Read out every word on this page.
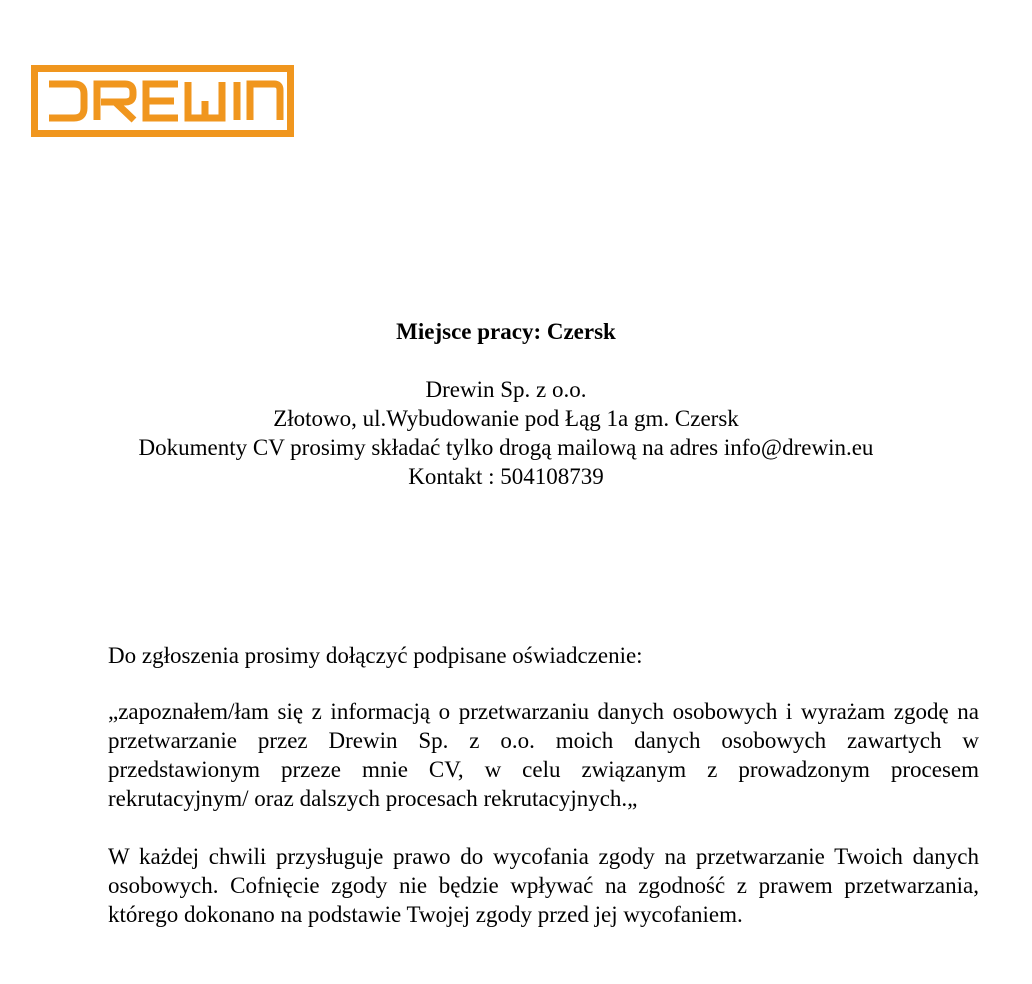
Miejsce pracy: Czersk
Drewin Sp. z o.o.
Złotowo, ul.Wybudowanie pod Łąg 1a gm. Czersk
Dokumenty CV prosimy składać tylko drogą mailową na adres info@drewin.eu
Kontakt : 504108739

Do zgłoszenia prosimy dołączyć podpisane oświadczenie:

„zapoznałem/łam się z informacją o przetwarzaniu danych osobowych i wyrażam zgodę na przetwarzanie przez Drewin Sp. z o.o. moich danych osobowych zawartych w przedstawionym przeze mnie CV, w celu związanym z prowadzonym procesem rekrutacyjnym/ oraz dalszych procesach rekrutacyjnych.„

W każdej chwili przysługuje prawo do wycofania zgody na przetwarzanie Twoich danych osobowych. Cofnięcie zgody nie będzie wpływać na zgodność z prawem przetwarzania, którego dokonano na podstawie Twojej zgody przed jej wycofaniem.
